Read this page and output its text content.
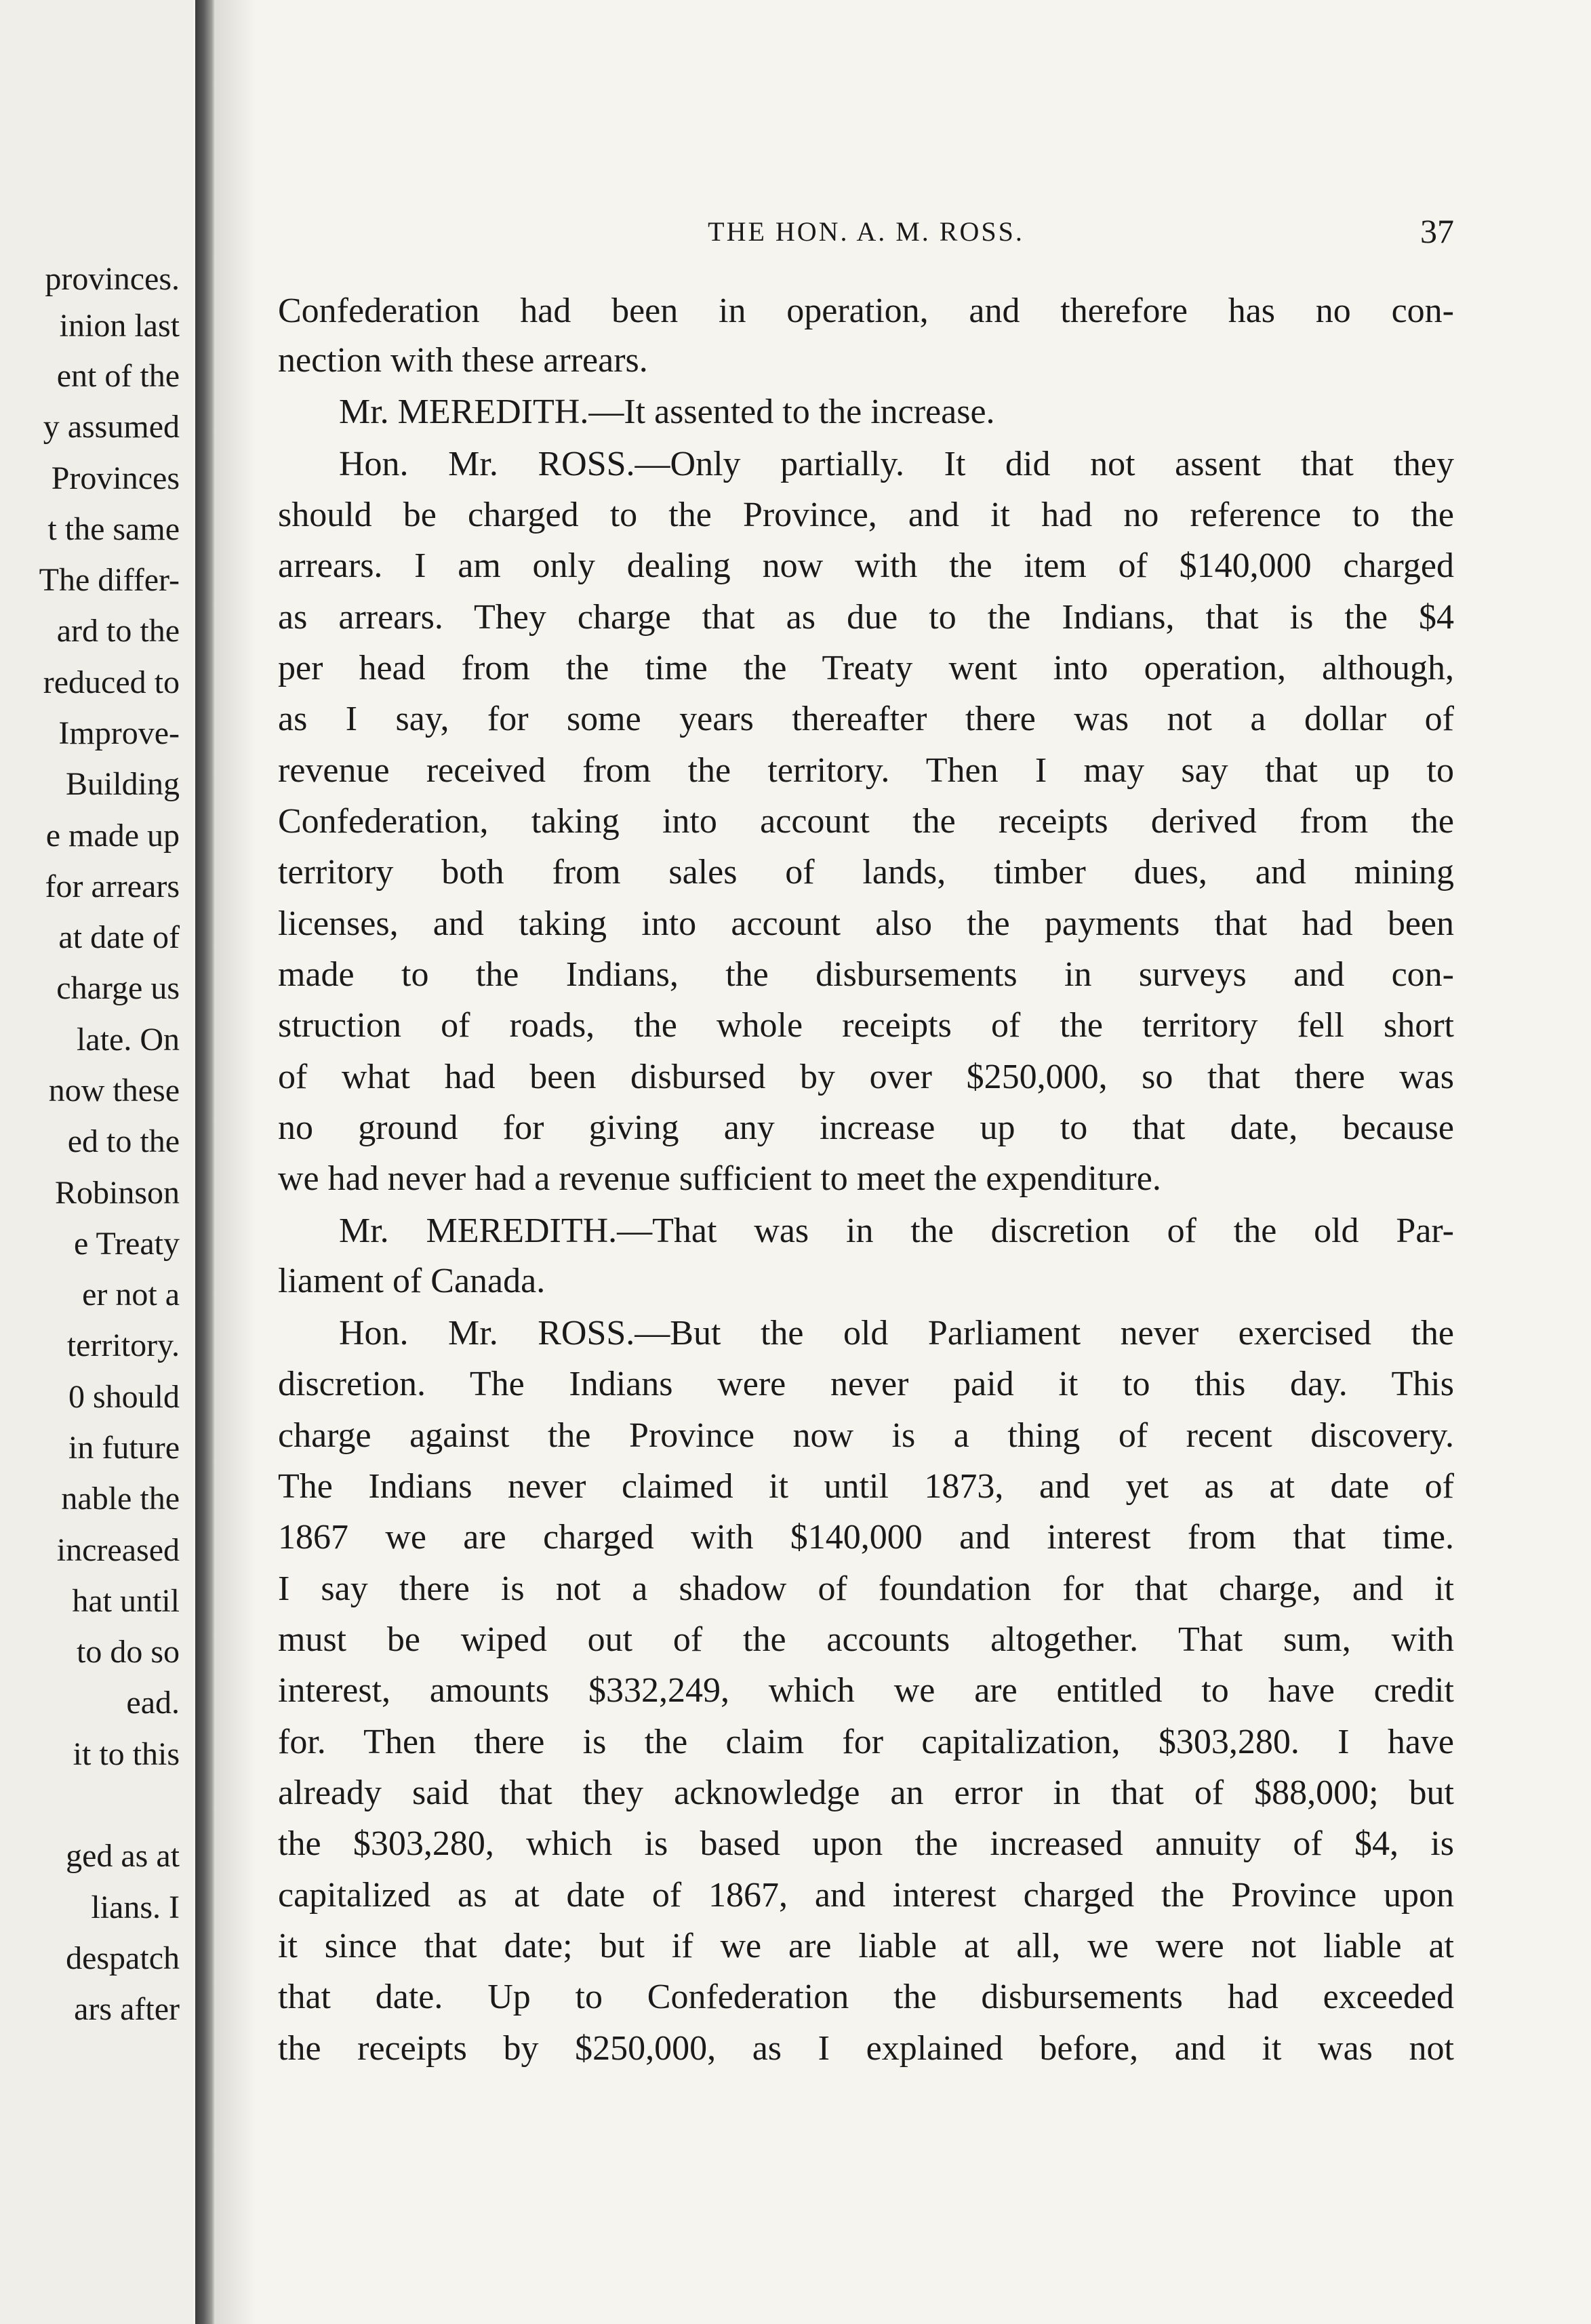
provinces.
inion last
ent of the
y assumed
Provinces
t the same
The differ-
ard to the
reduced to
Improve-
Building
e made up
for arrears
at date of
charge us
late. On
now these
ed to the
Robinson
e Treaty
er not a
territory.
0 should
in future
nable the
increased
hat until
to do so
ead.
it to this
ged as at
lians. I
despatch
ars after
THE HON. A. M. ROSS.	37
Confederation had been in operation, and therefore has no con-
nection with these arrears.
Mr. MEREDITH.—It assented to the increase.
Hon. Mr. ROSS.—Only partially. It did not assent that they
should be charged to the Province, and it had no reference to the
arrears. I am only dealing now with the item of $140,000 charged
as arrears. They charge that as due to the Indians, that is the $4
per head from the time the Treaty went into operation, although,
as I say, for some years thereafter there was not a dollar of
revenue received from the territory. Then I may say that up to
Confederation, taking into account the receipts derived from the
territory both from sales of lands, timber dues, and mining
licenses, and taking into account also the payments that had been
made to the Indians, the disbursements in surveys and con-
struction of roads, the whole receipts of the territory fell short
of what had been disbursed by over $250,000, so that there was
no ground for giving any increase up to that date, because
we had never had a revenue sufficient to meet the expenditure.
Mr. MEREDITH.—That was in the discretion of the old Par-
liament of Canada.
Hon. Mr. ROSS.—But the old Parliament never exercised the
discretion. The Indians were never paid it to this day. This
charge against the Province now is a thing of recent discovery.
The Indians never claimed it until 1873, and yet as at date of
1867 we are charged with $140,000 and interest from that time.
I say there is not a shadow of foundation for that charge, and it
must be wiped out of the accounts altogether. That sum, with
interest, amounts $332,249, which we are entitled to have credit
for. Then there is the claim for capitalization, $303,280. I have
already said that they acknowledge an error in that of $88,000; but
the $303,280, which is based upon the increased annuity of $4, is
capitalized as at date of 1867, and interest charged the Province upon
it since that date; but if we are liable at all, we were not liable at
that date. Up to Confederation the disbursements had exceeded
the receipts by $250,000, as I explained before, and it was not
